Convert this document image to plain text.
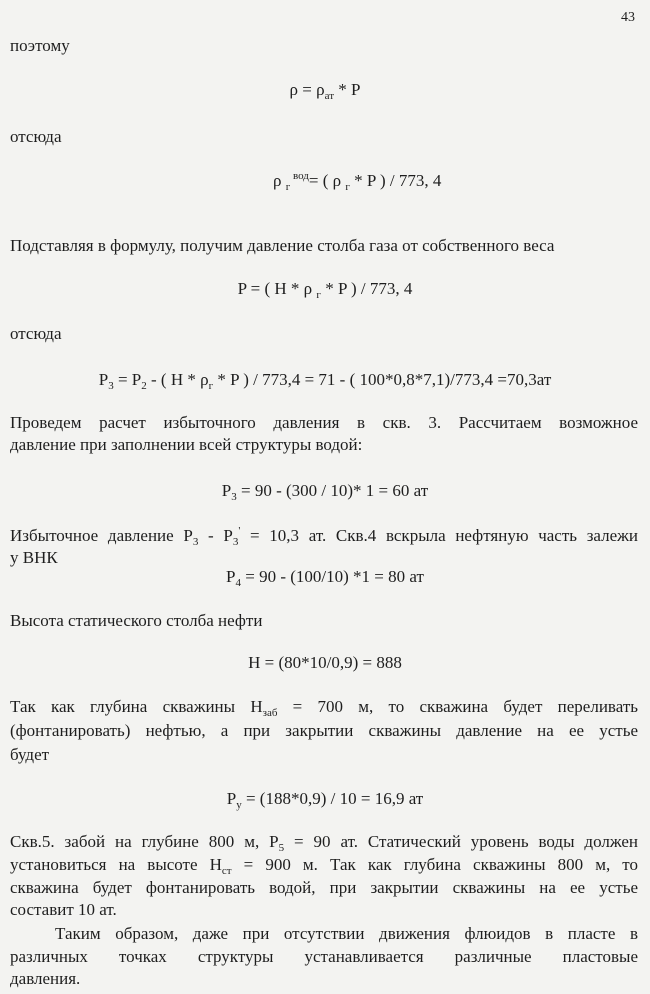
43
поэтому
$\rho = \rho_{ат} * P$
отсюда
ρ $_г$ $^{вод}$= ( ρ $_г$ * P ) / 773, 4
Подставляя в формулу, получим давление столба газа от собственного веса
P = ( H * ρ $_г$ * P ) / 773, 4
отсюда
$P_3 = P_2$ - ( H * $\rho_г$ * P ) / 773,4 = 71 - ( 100*0,8*7,1)/773,4 =70,3ат
Проведем расчет избыточного давления в скв. 3. Рассчитаем возможное
давление при заполнении всей структуры водой:
$P_3 = 90 - (300 / 10)*$ 1 = 60 ат
Избыточное давление $P_3 - P_3' = 10,3$ ат. Скв.4 вскрыла нефтяную часть залежи
у ВНК
$P_4 = 90 - (100/10) *1 = 80$ ат
Высота статического столба нефти
H = (80*10/0,9) = 888
Так как глубина скважины $H_{заб} = 700$ м, то скважина будет переливать
(фонтанировать) нефтью, а при закрытии скважины давление на ее устье
будет
$P_у = (188*0,9) / 10 = 16,9$ ат
Скв.5. забой на глубине 800 м, $P_5 = 90$ ат. Статический уровень воды должен
установиться на высоте $H_{ст} = 900$ м. Так как глубина скважины 800 м, то
скважина будет фонтанировать водой, при закрытии скважины на ее устье
составит 10 ат.
Таким образом, даже при отсутствии движения флюидов в пласте в
различных точках структуры устанавливается различные пластовые
давления.
